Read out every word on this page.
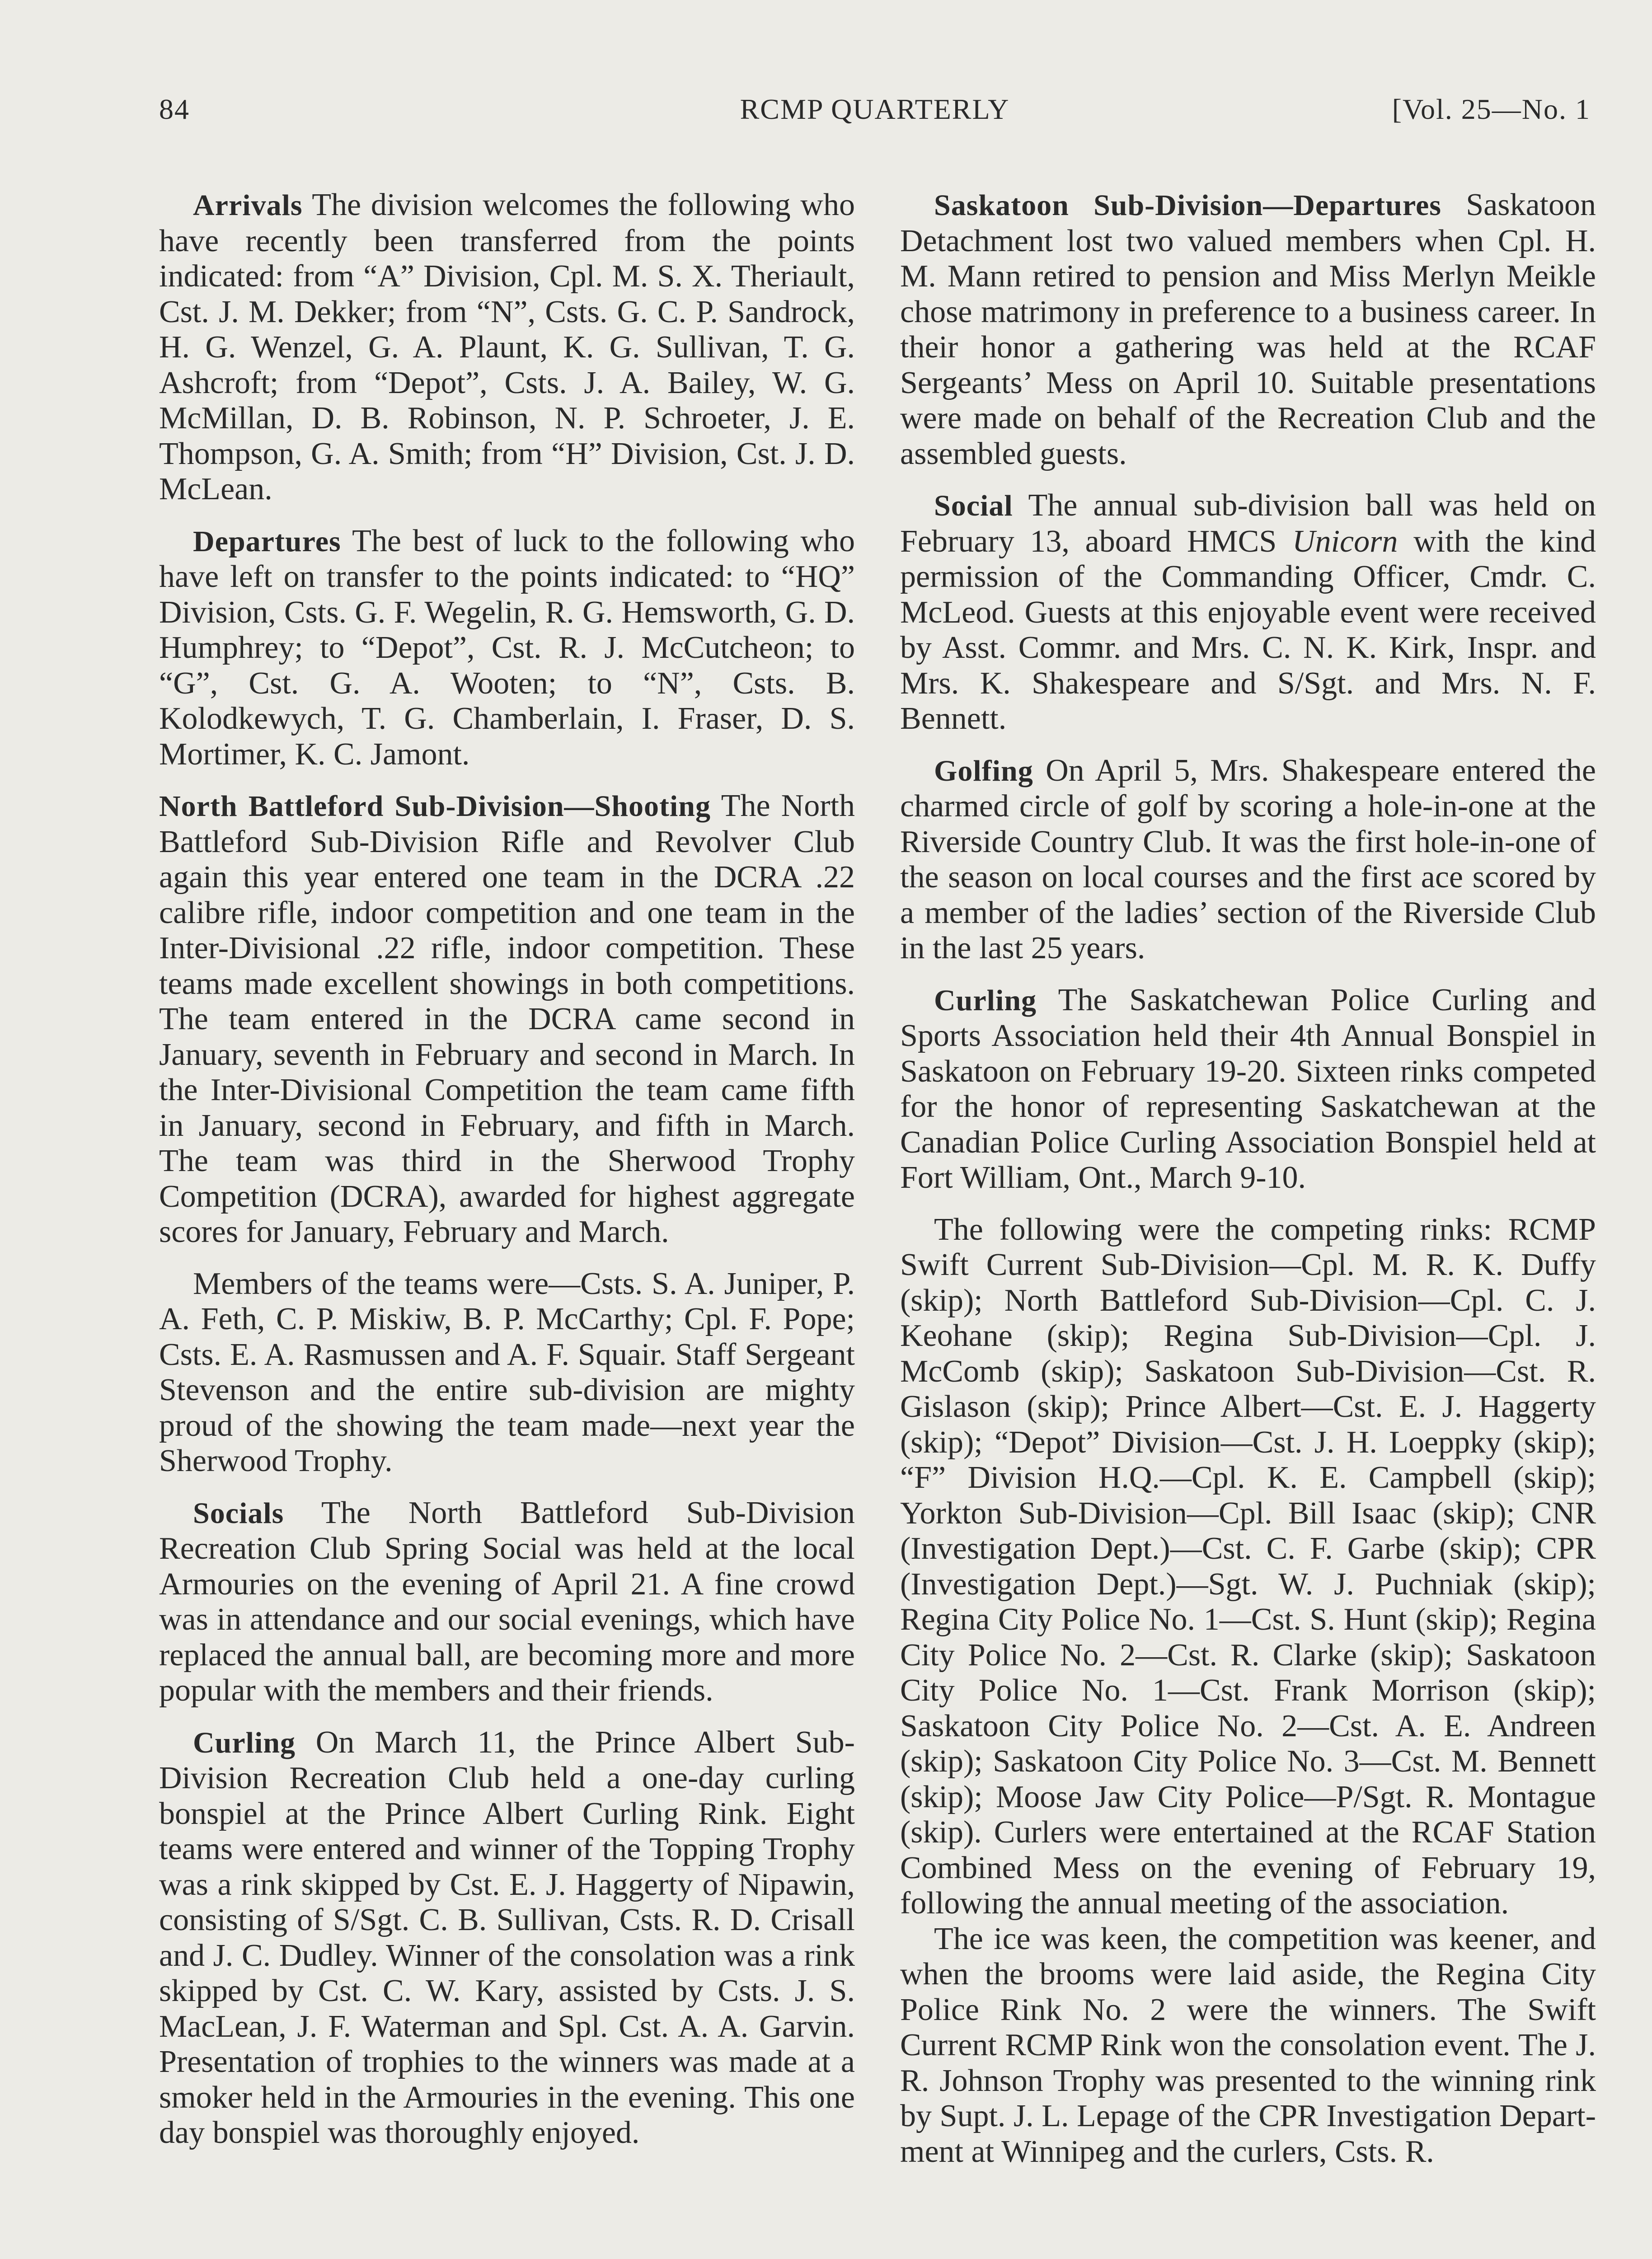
84	RCMP QUARTERLY	[Vol. 25—No. 1

Arrivals The division welcomes the following who have recently been transferred from the points indicated: from “A” Division, Cpl. M. S. X. Theriault, Cst. J. M. Dekker; from “N”, Csts. G. C. P. Sandrock, H. G. Wenzel, G. A. Plaunt, K. G. Sullivan, T. G. Ashcroft; from “Depot”, Csts. J. A. Bailey, W. G. McMillan, D. B. Robinson, N. P. Schroeter, J. E. Thompson, G. A. Smith; from “H” Division, Cst. J. D. McLean.

Departures The best of luck to the following who have left on transfer to the points indicated: to “HQ” Division, Csts. G. F. Wegelin, R. G. Hemsworth, G. D. Humphrey; to “Depot”, Cst. R. J. McCutcheon; to “G”, Cst. G. A. Wooten; to “N”, Csts. B. Kolodkewych, T. G. Chamberlain, I. Fraser, D. S. Mortimer, K. C. Jamont.

North Battleford Sub-Division—Shooting The North Battleford Sub-Division Rifle and Revolver Club again this year entered one team in the DCRA .22 calibre rifle, indoor competition and one team in the Inter-Divisional .22 rifle, indoor competition. These teams made excellent showings in both competitions. The team entered in the DCRA came second in January, seventh in February and second in March. In the Inter-Divisional Competition the team came fifth in January, second in February, and fifth in March. The team was third in the Sherwood Trophy Competition (DCRA), awarded for highest aggregate scores for January, February and March.

Members of the teams were—Csts. S. A. Juniper, P. A. Feth, C. P. Miskiw, B. P. McCarthy; Cpl. F. Pope; Csts. E. A. Rasmussen and A. F. Squair. Staff Sergeant Stevenson and the entire sub-division are mighty proud of the showing the team made—next year the Sherwood Trophy.

Socials The North Battleford Sub-Division Recreation Club Spring Social was held at the local Armouries on the evening of April 21. A fine crowd was in attendance and our social evenings, which have replaced the annual ball, are becoming more and more popular with the members and their friends.

Curling On March 11, the Prince Albert Sub-Division Recreation Club held a one-day curling bonspiel at the Prince Albert Curling Rink. Eight teams were entered and winner of the Topping Trophy was a rink skipped by Cst. E. J. Haggerty of Nipawin, consisting of S/Sgt. C. B. Sullivan, Csts. R. D. Crisall and J. C. Dudley. Winner of the consolation was a rink skipped by Cst. C. W. Kary, assisted by Csts. J. S. MacLean, J. F. Waterman and Spl. Cst. A. A. Garvin. Presentation of trophies to the winners was made at a smoker held in the Armouries in the evening. This one day bonspiel was thoroughly enjoyed.

Saskatoon Sub-Division—Departures Saskatoon Detachment lost two valued members when Cpl. H. M. Mann retired to pension and Miss Merlyn Meikle chose matrimony in preference to a business career. In their honor a gathering was held at the RCAF Sergeants’ Mess on April 10. Suitable presentations were made on behalf of the Recreation Club and the assembled guests.

Social The annual sub-division ball was held on February 13, aboard HMCS Unicorn with the kind permission of the Commanding Officer, Cmdr. C. McLeod. Guests at this enjoyable event were received by Asst. Commr. and Mrs. C. N. K. Kirk, Inspr. and Mrs. K. Shakespeare and S/Sgt. and Mrs. N. F. Bennett.

Golfing On April 5, Mrs. Shakespeare entered the charmed circle of golf by scoring a hole-in-one at the Riverside Country Club. It was the first hole-in-one of the season on local courses and the first ace scored by a member of the ladies’ section of the Riverside Club in the last 25 years.

Curling The Saskatchewan Police Curling and Sports Association held their 4th Annual Bonspiel in Saskatoon on February 19-20. Sixteen rinks competed for the honor of representing Saskatchewan at the Canadian Police Curling Association Bonspiel held at Fort William, Ont., March 9-10.

The following were the competing rinks: RCMP Swift Current Sub-Division—Cpl. M. R. K. Duffy (skip); North Battleford Sub-Division—Cpl. C. J. Keohane (skip); Regina Sub-Division—Cpl. J. McComb (skip); Saskatoon Sub-Division—Cst. R. Gislason (skip); Prince Albert—Cst. E. J. Haggerty (skip); “Depot” Division—Cst. J. H. Loeppky (skip); “F” Division H.Q.—Cpl. K. E. Campbell (skip); Yorkton Sub-Division—Cpl. Bill Isaac (skip); CNR (Investigation Dept.)—Cst. C. F. Garbe (skip); CPR (Investigation Dept.)—Sgt. W. J. Puchniak (skip); Regina City Police No. 1—Cst. S. Hunt (skip); Regina City Police No. 2—Cst. R. Clarke (skip); Saskatoon City Police No. 1—Cst. Frank Morrison (skip); Saskatoon City Police No. 2—Cst. A. E. Andreen (skip); Saskatoon City Police No. 3—Cst. M. Bennett (skip); Moose Jaw City Police—P/Sgt. R. Montague (skip). Curlers were entertained at the RCAF Station Combined Mess on the evening of February 19, following the annual meeting of the association.

The ice was keen, the competition was keener, and when the brooms were laid aside, the Regina City Police Rink No. 2 were the winners. The Swift Current RCMP Rink won the consolation event. The J. R. Johnson Trophy was presented to the winning rink by Supt. J. L. Lepage of the CPR Investigation Department at Winnipeg and the curlers, Csts. R.
